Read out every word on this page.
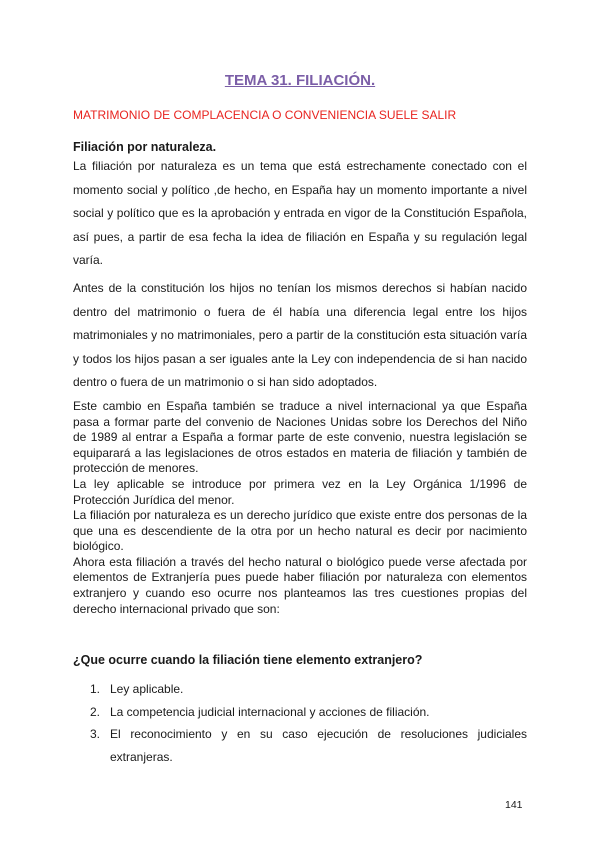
TEMA 31. FILIACIÓN.

MATRIMONIO DE COMPLACENCIA O CONVENIENCIA SUELE SALIR

Filiación por naturaleza.

La filiación por naturaleza es un tema que está estrechamente conectado con el momento social y político ,de hecho, en España hay un momento importante a nivel social y político que es la aprobación y entrada en vigor de la Constitución Española, así pues, a partir de esa fecha la idea de filiación en España y su regulación legal varía.

Antes de la constitución los hijos no tenían los mismos derechos si habían nacido dentro del matrimonio o fuera de él había una diferencia legal entre los hijos matrimoniales y no matrimoniales, pero a partir de la constitución esta situación varía y todos los hijos pasan a ser iguales ante la Ley con independencia de si han nacido dentro o fuera de un matrimonio o si han sido adoptados.

Este cambio en España también se traduce a nivel internacional ya que España pasa a formar parte del convenio de Naciones Unidas sobre los Derechos del Niño de 1989 al entrar a España a formar parte de este convenio, nuestra legislación se equiparará a las legislaciones de otros estados en materia de filiación y también de protección de menores.

La ley aplicable se introduce por primera vez en la Ley Orgánica 1/1996 de Protección Jurídica del menor.

La filiación por naturaleza es un derecho jurídico que existe entre dos personas de la que una es descendiente de la otra por un hecho natural es decir por nacimiento biológico.

Ahora esta filiación a través del hecho natural o biológico puede verse afectada por elementos de Extranjería pues puede haber filiación por naturaleza con elementos extranjero y cuando eso ocurre nos planteamos las tres cuestiones propias del derecho internacional privado que son:

¿Que ocurre cuando la filiación tiene elemento extranjero?

1. Ley aplicable.
2. La competencia judicial internacional y acciones de filiación.
3. El reconocimiento y en su caso ejecución de resoluciones judiciales extranjeras.
141
